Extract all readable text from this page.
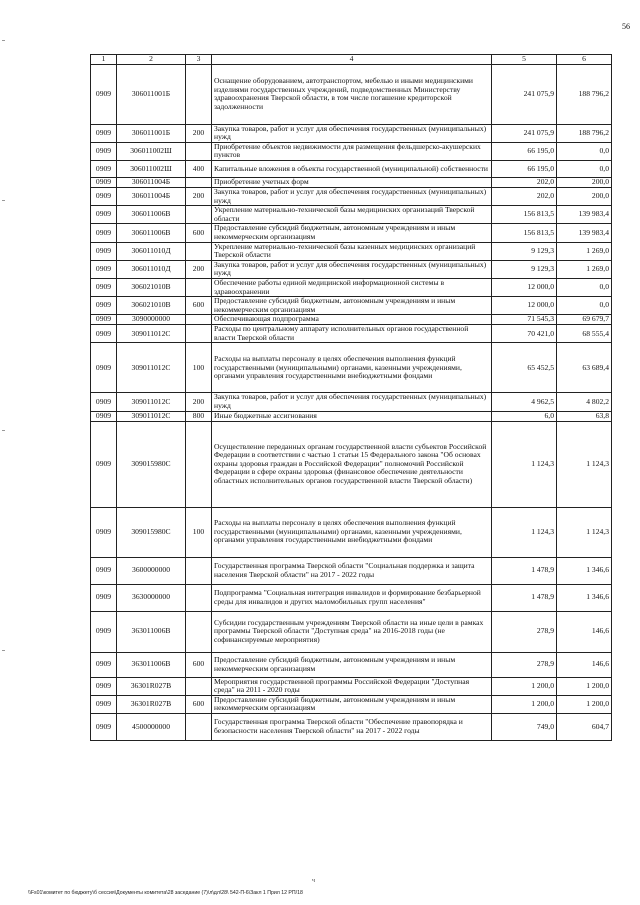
56
1	2	3	4	5	6
0909	306011001Б		Оснащение оборудованием, автотранспортом, мебелью и иными медицинскими изделиями государственных учреждений, подведомственных Министерству здравоохранения Тверской области, в том числе погашение кредиторской задолженности	241 075,9	188 796,2
0909	306011001Б	200	Закупка товаров, работ и услуг для обеспечения государственных (муниципальных) нужд	241 075,9	188 796,2
0909	306011002Ш		Приобретение объектов недвижимости для размещения фельдшерско-акушерских пунктов	66 195,0	0,0
0909	306011002Ш	400	Капитальные вложения в объекты государственной (муниципальной) собственности	66 195,0	0,0
0909	306011004Б		Приобретение учетных форм	202,0	200,0
0909	306011004Б	200	Закупка товаров, работ и услуг для обеспечения государственных (муниципальных) нужд	202,0	200,0
0909	306011006В		Укрепление материально-технической базы медицинских организаций Тверской области	156 813,5	139 983,4
0909	306011006В	600	Предоставление субсидий бюджетным, автономным учреждениям и иным некоммерческим организациям	156 813,5	139 983,4
0909	306011010Д		Укрепление материально-технической базы казенных медицинских организаций Тверской области	9 129,3	1 269,0
0909	306011010Д	200	Закупка товаров, работ и услуг для обеспечения государственных (муниципальных) нужд	9 129,3	1 269,0
0909	306021010В		Обеспечение работы единой медицинской информационной системы в здравоохранении	12 000,0	0,0
0909	306021010В	600	Предоставление субсидий бюджетным, автономным учреждениям и иным некоммерческим организациям	12 000,0	0,0
0909	3090000000		Обеспечивающая подпрограмма	71 545,3	69 679,7
0909	309011012С		Расходы по центральному аппарату исполнительных органов государственной власти Тверской области	70 421,0	68 555,4
0909	309011012С	100	Расходы на выплаты персоналу в целях обеспечения выполнения функций государственными (муниципальными) органами, казенными учреждениями, органами управления государственными внебюджетными фондами	65 452,5	63 689,4
0909	309011012С	200	Закупка товаров, работ и услуг для обеспечения государственных (муниципальных) нужд	4 962,5	4 802,2
0909	309011012С	800	Иные бюджетные ассигнования	6,0	63,8
0909	309015980С		Осуществление переданных органам государственной власти субъектов Российской Федерации в соответствии с частью 1 статьи 15 Федерального закона "Об основах охраны здоровья граждан в Российской Федерации" полномочий Российской Федерации в сфере охраны здоровья (финансовое обеспечение деятельности областных исполнительных органов государственной власти Тверской области)	1 124,3	1 124,3
0909	309015980С	100	Расходы на выплаты персоналу в целях обеспечения выполнения функций государственными (муниципальными) органами, казенными учреждениями, органами управления государственными внебюджетными фондами	1 124,3	1 124,3
0909	3600000000		Государственная программа Тверской области "Социальная поддержка и защита населения Тверской области" на 2017 - 2022 годы	1 478,9	1 346,6
0909	3630000000		Подпрограмма "Социальная интеграция инвалидов и формирование безбарьерной среды для инвалидов и других маломобильных групп населения"	1 478,9	1 346,6
0909	363011006В		Субсидии государственным учреждениям Тверской области на иные цели в рамках программы Тверской области "Доступная среда" на 2016-2018 годы (не софинансируемые мероприятия)	278,9	146,6
0909	363011006В	600	Предоставление субсидий бюджетным, автономным учреждениям и иным некоммерческим организациям	278,9	146,6
0909	36301R027В		Мероприятия государственной программы Российской Федерации "Доступная среда" на 2011 - 2020 годы	1 200,0	1 200,0
0909	36301R027В	600	Предоставление субсидий бюджетным, автономным учреждениям и иным некоммерческим организациям	1 200,0	1 200,0
0909	4500000000		Государственная программа Тверской области "Обеспечение правопорядка и безопасности населения Тверской области" на 2017 - 2022 годы	749,0	604,7
ч
\\Fs01\комитет по бюджету\б сессия\Документы комитета\28 заседание (7)\л\дл\28\ 542-П-6\Закл 1 Прил 12 РП/18
